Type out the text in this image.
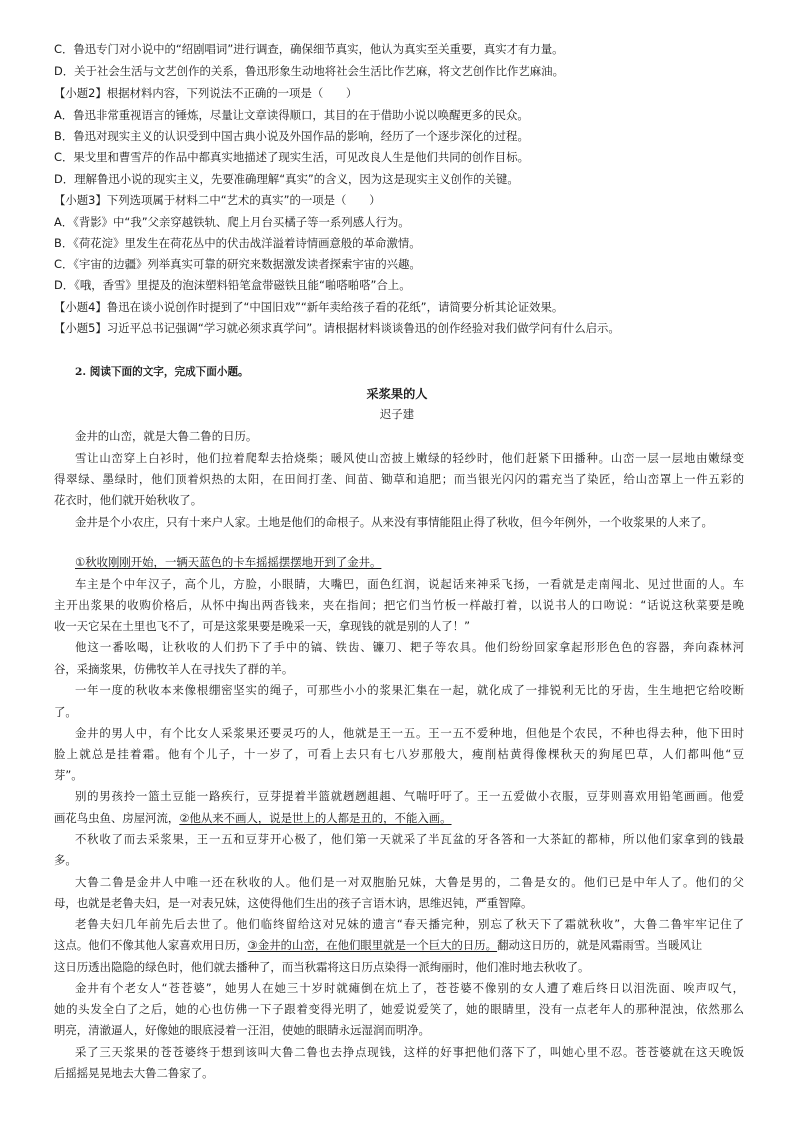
C．鲁迅专门对小说中的“绍剧唱词”进行调查，确保细节真实，他认为真实至关重要，真实才有力量。
D．关于社会生活与文艺创作的关系，鲁迅形象生动地将社会生活比作艺麻，将文艺创作比作艺麻油。
【小题2】根据材料内容，下列说法不正确的一项是（　　）
A．鲁迅非常重视语言的锤炼，尽量让文章读得顺口，其目的在于借助小说以唤醒更多的民众。
B．鲁迅对现实主义的认识受到中国古典小说及外国作品的影响，经历了一个逐步深化的过程。
C．果戈里和曹雪芹的作品中都真实地描述了现实生活，可见改良人生是他们共同的创作目标。
D．理解鲁迅小说的现实主义，先要准确理解“真实”的含义，因为这是现实主义创作的关键。
【小题3】下列选项属于材料二中“艺术的真实”的一项是（　　）
A．《背影》中“我”父亲穿越铁轨、爬上月台买橘子等一系列感人行为。
B．《荷花淀》里发生在荷花丛中的伏击战洋溢着诗情画意般的革命激情。
C．《宇宙的边疆》列举真实可靠的研究来数据激发读者探索宇宙的兴趣。
D．《哦，香雪》里提及的泡沫塑料铅笔盒带磁铁且能“啪嗒啪嗒”合上。
【小题4】鲁迅在谈小说创作时提到了“中国旧戏”“新年卖给孩子看的花纸”，请简要分析其论证效果。
【小题5】习近平总书记强调“学习就必须求真学问”。请根据材料谈谈鲁迅的创作经验对我们做学问有什么启示。
2. 阅读下面的文字，完成下面小题。
采浆果的人
迟子建
金井的山峦，就是大鲁二鲁的日历。
雪让山峦穿上白衫时，他们拉着爬犁去拾烧柴；暖风使山峦披上嫩绿的轻纱时，他们赶紧下田播种。山峦一层一层地由嫩绿变
得翠绿、墨绿时，他们顶着炽热的太阳，在田间打垄、间苗、锄草和追肥；而当银光闪闪的霜充当了染匠，给山峦罩上一件五彩的
花衣时，他们就开始秋收了。
金井是个小农庄，只有十来户人家。土地是他们的命根子。从来没有事情能阻止得了秋收，但今年例外，一个收浆果的人来了。
①秋收刚刚开始，一辆天蓝色的卡车摇摇摆摆地开到了金井。
车主是个中年汉子，高个儿，方脸，小眼睛，大嘴巴，面色红润，说起话来神采飞扬，一看就是走南闯北、见过世面的人。车
主开出浆果的收购价格后，从怀中掏出两沓钱来，夹在指间；把它们当竹板一样敲打着，以说书人的口吻说：“话说这秋菜要是晚
收一天它呆在土里也飞不了，可是这浆果要是晚采一天，拿现钱的就是别的人了！”
他这一番吆喝，让秋收的人们扔下了手中的镐、铁齿、镰刀、耙子等农具。他们纷纷回家拿起形形色色的容器，奔向森林河
谷，采摘浆果，仿佛牧羊人在寻找失了群的羊。
一年一度的秋收本来像根绷密坚实的绳子，可那些小小的浆果汇集在一起，就化成了一排锐利无比的牙齿，生生地把它给咬断
了。
金井的男人中，有个比女人采浆果还要灵巧的人，他就是王一五。王一五不爱种地，但他是个农民，不种也得去种，他下田时
脸上就总是挂着霜。他有个儿子，十一岁了，可看上去只有七八岁那般大，瘦削枯黄得像棵秋天的狗尾巴草，人们都叫他“豆
芽”。
别的男孩拎一篮土豆能一路疾行，豆芽提着半篮就趔趔趄趄、气喘吁吁了。王一五爱做小衣服，豆芽则喜欢用铅笔画画。他爱
画花鸟虫鱼、房屋河流，②他从来不画人，说是世上的人都是丑的，不能入画。
不秋收了而去采浆果，王一五和豆芽开心极了，他们第一天就采了半瓦盆的牙各答和一大茶缸的都柿，所以他们家拿到的钱最
多。
大鲁二鲁是金井人中唯一还在秋收的人。他们是一对双胞胎兄妹，大鲁是男的，二鲁是女的。他们已是中年人了。他们的父
母，也就是老鲁夫妇，是一对表兄妹，这使得他们生出的孩子言语木讷，思维迟钝，严重智障。
老鲁夫妇几年前先后去世了。他们临终留给这对兄妹的遗言“春天播完种，别忘了秋天下了霜就秋收”，大鲁二鲁牢牢记住了
这点。他们不像其他人家喜欢用日历，③金井的山峦，在他们眼里就是一个巨大的日历。翻动这日历的，就是风霜雨雪。当暖风让
这日历透出隐隐的绿色时，他们就去播种了，而当秋霜将这日历点染得一派绚丽时，他们准时地去秋收了。
金井有个老女人“苍苍婆”，她男人在她三十岁时就瘫倒在炕上了，苍苍婆不像别的女人遭了难后终日以泪洗面、唉声叹气，
她的头发全白了之后，她的心也仿佛一下子跟着变得光明了，她爱说爱笑了，她的眼睛里，没有一点老年人的那种混浊，依然那么
明亮，清澈逼人，好像她的眼底浸着一汪泪，使她的眼睛永远湿润而明净。
采了三天浆果的苍苍婆终于想到该叫大鲁二鲁也去挣点现钱，这样的好事把他们落下了，叫她心里不忍。苍苍婆就在这天晚饭
后摇摇晃晃地去大鲁二鲁家了。
